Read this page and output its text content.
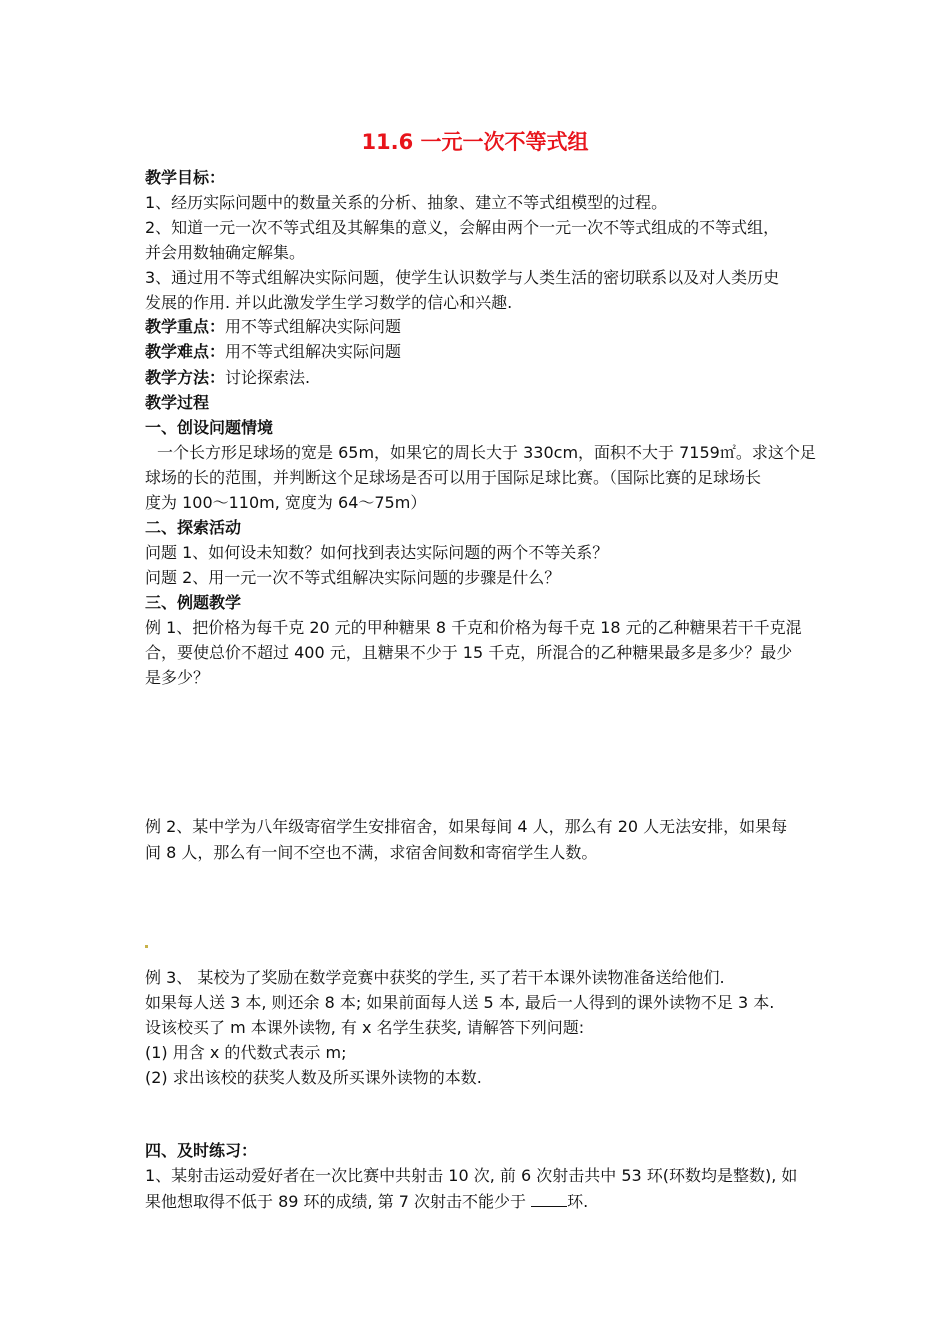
11.6 一元一次不等式组
教学目标：
1、经历实际问题中的数量关系的分析、抽象、建立不等式组模型的过程。
2、知道一元一次不等式组及其解集的意义，会解由两个一元一次不等式组成的不等式组，
并会用数轴确定解集。
3、通过用不等式组解决实际问题，使学生认识数学与人类生活的密切联系以及对人类历史
发展的作用. 并以此激发学生学习数学的信心和兴趣.
教学重点：用不等式组解决实际问题
教学难点：用不等式组解决实际问题
教学方法：讨论探索法.
教学过程
一、创设问题情境
一个长方形足球场的宽是 65m，如果它的周长大于 330cm，面积不大于 7159㎡。求这个足
球场的长的范围，并判断这个足球场是否可以用于国际足球比赛。（国际比赛的足球场长
度为 100～110m, 宽度为 64～75m）
二、探索活动
问题 1、如何设未知数？如何找到表达实际问题的两个不等关系？
问题 2、用一元一次不等式组解决实际问题的步骤是什么？
三、例题教学
例 1、把价格为每千克 20 元的甲种糖果 8 千克和价格为每千克 18 元的乙种糖果若干千克混
合，要使总价不超过 400 元，且糖果不少于 15 千克，所混合的乙种糖果最多是多少？最少
是多少？
例 2、某中学为八年级寄宿学生安排宿舍，如果每间 4 人，那么有 20 人无法安排，如果每
间 8 人，那么有一间不空也不满，求宿舍间数和寄宿学生人数。
例 3、 某校为了奖励在数学竞赛中获奖的学生, 买了若干本课外读物准备送给他们.
如果每人送 3 本, 则还余 8 本; 如果前面每人送 5 本, 最后一人得到的课外读物不足 3 本.
设该校买了 m 本课外读物, 有 x 名学生获奖, 请解答下列问题:
(1) 用含 x 的代数式表示 m;
(2) 求出该校的获奖人数及所买课外读物的本数.
四、及时练习：
1、某射击运动爱好者在一次比赛中共射击 10 次, 前 6 次射击共中 53 环(环数均是整数), 如
果他想取得不低于 89 环的成绩, 第 7 次射击不能少于	环.
